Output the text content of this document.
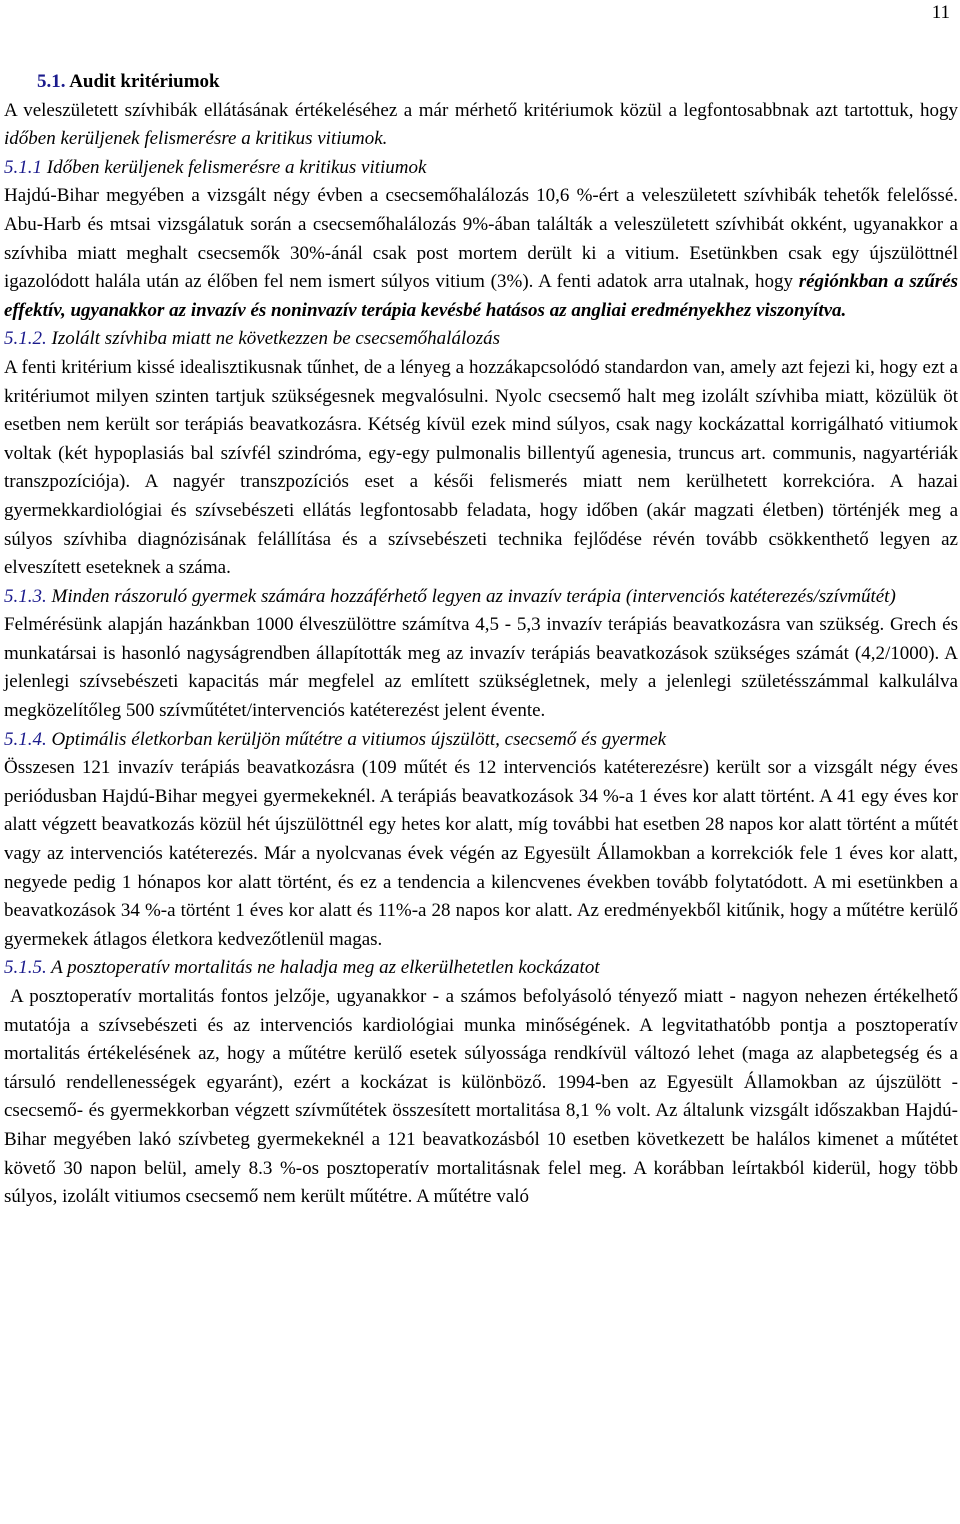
11

5.1. Audit kritériumok

A veleszületett szívhibák ellátásának értékeléséhez a már mérhető kritériumok közül a legfontosabbnak azt tartottuk, hogy időben kerüljenek felismerésre a kritikus vitiumok.

5.1.1 Időben kerüljenek felismerésre a kritikus vitiumok

Hajdú-Bihar megyében a vizsgált négy évben a csecsemőhalálozás 10,6 %-ért a veleszületett szívhibák tehetők felelőssé. Abu-Harb és mtsai vizsgálatuk során a csecsemőhalálozás 9%-ában találták a veleszületett szívhibát okként, ugyanakkor a szívhiba miatt meghalt csecsemők 30%-ánál csak post mortem derült ki a vitium. Esetünkben csak egy újszülöttnél igazolódott halála után az élőben fel nem ismert súlyos vitium (3%). A fenti adatok arra utalnak, hogy régiónkban a szűrés effektív, ugyanakkor az invazív és noninvazív terápia kevésbé hatásos az angliai eredményekhez viszonyítva.

5.1.2. Izolált szívhiba miatt ne következzen be csecsemőhalálozás

A fenti kritérium kissé idealisztikusnak tűnhet, de a lényeg a hozzákapcsolódó standardon van, amely azt fejezi ki, hogy ezt a kritériumot milyen szinten tartjuk szükségesnek megvalósulni. Nyolc csecsemő halt meg izolált szívhiba miatt, közülük öt esetben nem került sor terápiás beavatkozásra. Kétség kívül ezek mind súlyos, csak nagy kockázattal korrigálható vitiumok voltak (két hypoplasiás bal szívfél szindróma, egy-egy pulmonalis billentyű agenesia, truncus art. communis, nagyartériák transzpozíciója). A nagyér transzpozíciós eset a késői felismerés miatt nem kerülhetett korrekcióra. A hazai gyermekkardiológiai és szívsebészeti ellátás legfontosabb feladata, hogy időben (akár magzati életben) történjék meg a súlyos szívhiba diagnózisának felállítása és a szívsebészeti technika fejlődése révén tovább csökkenthető legyen az elveszített eseteknek a száma.

5.1.3. Minden rászoruló gyermek számára hozzáférhető legyen az invazív terápia (intervenciós katéterezés/szívműtét)

Felmérésünk alapján hazánkban 1000 élveszülöttre számítva 4,5 - 5,3 invazív terápiás beavatkozásra van szükség. Grech és munkatársai is hasonló nagyságrendben állapították meg az invazív terápiás beavatkozások szükséges számát (4,2/1000). A jelenlegi szívsebészeti kapacitás már megfelel az említett szükségletnek, mely a jelenlegi születésszámmal kalkulálva megközelítőleg 500 szívműtétet/intervenciós katéterezést jelent évente.

5.1.4. Optimális életkorban kerüljön műtétre a vitiumos újszülött, csecsemő és gyermek

Összesen 121 invazív terápiás beavatkozásra (109 műtét és 12 intervenciós katéterezésre) került sor a vizsgált négy éves periódusban Hajdú-Bihar megyei gyermekeknél. A terápiás beavatkozások 34 %-a 1 éves kor alatt történt. A 41 egy éves kor alatt végzett beavatkozás közül hét újszülöttnél egy hetes kor alatt, míg további hat esetben 28 napos kor alatt történt a műtét vagy az intervenciós katéterezés. Már a nyolcvanas évek végén az Egyesült Államokban a korrekciók fele 1 éves kor alatt, negyede pedig 1 hónapos kor alatt történt, és ez a tendencia a kilencvenes években tovább folytatódott. A mi esetünkben a beavatkozások 34 %-a történt 1 éves kor alatt és 11%-a 28 napos kor alatt. Az eredményekből kitűnik, hogy a műtétre kerülő gyermekek átlagos életkora kedvezőtlenül magas.

5.1.5. A posztoperatív mortalitás ne haladja meg az elkerülhetetlen kockázatot

A posztoperatív mortalitás fontos jelzője, ugyanakkor - a számos befolyásoló tényező miatt - nagyon nehezen értékelhető mutatója a szívsebészeti és az intervenciós kardiológiai munka minőségének. A legvitathatóbb pontja a posztoperatív mortalitás értékelésének az, hogy a műtétre kerülő esetek súlyossága rendkívül változó lehet (maga az alapbetegség és a társuló rendellenességek egyaránt), ezért a kockázat is különböző. 1994-ben az Egyesült Államokban az újszülött - csecsemő- és gyermekkorban végzett szívműtétek összesített mortalitása 8,1 % volt. Az általunk vizsgált időszakban Hajdú-Bihar megyében lakó szívbeteg gyermekeknél a 121 beavatkozásból 10 esetben következett be halálos kimenet a műtétet követő 30 napon belül, amely 8.3 %-os posztoperatív mortalitásnak felel meg. A korábban leírtakból kiderül, hogy több súlyos, izolált vitiumos csecsemő nem került műtétre. A műtétre való
